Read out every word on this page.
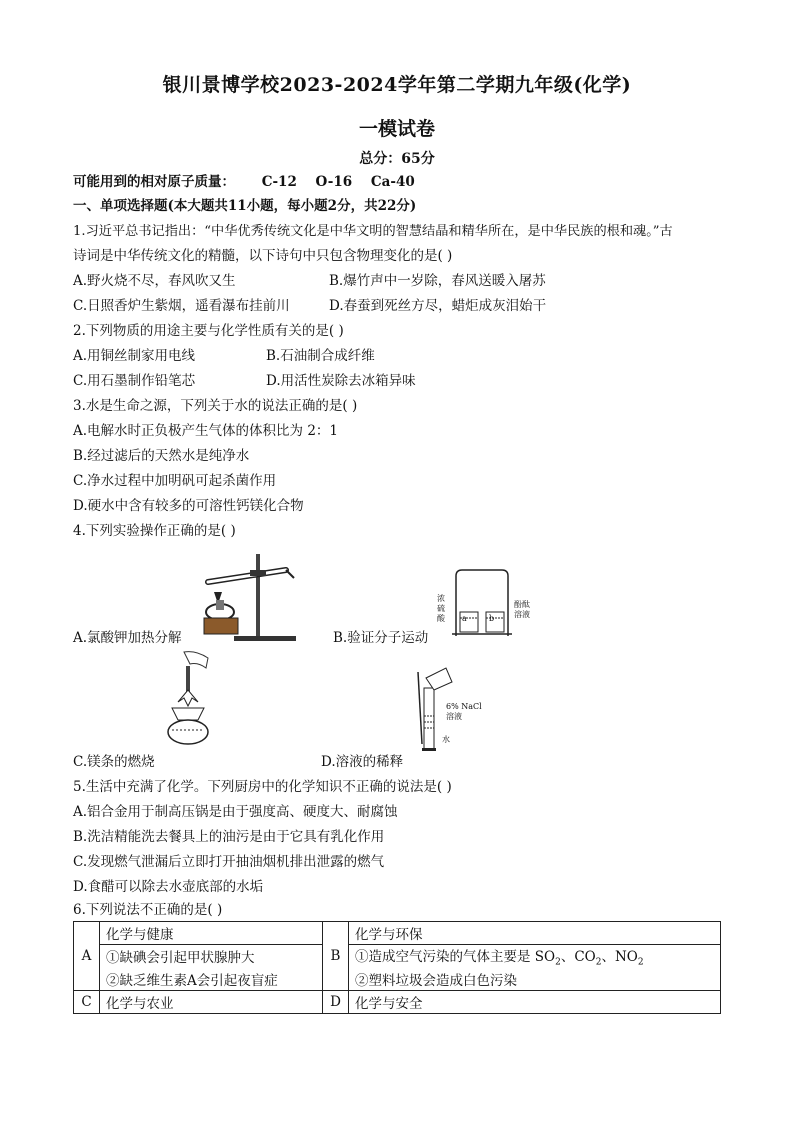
银川景博学校2023-2024学年第二学期九年级(化学)
一模试卷
总分：65分
可能用到的相对原子质量： C-12 O-16 Ca-40
一、单项选择题(本大题共11小题，每小题2分，共22分)
1.习近平总书记指出：“中华优秀传统文化是中华文明的智慧结晶和精华所在，是中华民族的根和魂。”古
诗词是中华传统文化的精髓，以下诗句中只包含物理变化的是( )
A.野火烧不尽，春风吹又生	B.爆竹声中一岁除，春风送暖入屠苏
C.日照香炉生紫烟，遥看瀑布挂前川	D.春蚕到死丝方尽，蜡炬成灰泪始干
2.下列物质的用途主要与化学性质有关的是( )
A.用铜丝制家用电线	B.石油制合成纤维
C.用石墨制作铅笔芯	D.用活性炭除去冰箱异味
3.水是生命之源，下列关于水的说法正确的是( )
A.电解水时正负极产生气体的体积比为 2：1
B.经过滤后的天然水是纯净水
C.净水过程中加明矾可起杀菌作用
D.硬水中含有较多的可溶性钙镁化合物
4.下列实验操作正确的是( )
A.氯酸钾加热分解
a	b
浓
硫
酸
酚酞
溶液
B.验证分子运动
C.镁条的燃烧
6% NaCl
溶液
水
D.溶液的稀释
5.生活中充满了化学。下列厨房中的化学知识不正确的说法是( )
A.铝合金用于制高压锅是由于强度高、硬度大、耐腐蚀
B.洗洁精能洗去餐具上的油污是由于它具有乳化作用
C.发现燃气泄漏后立即打开抽油烟机排出泄露的燃气
D.食醋可以除去水壶底部的水垢
6.下列说法不正确的是( )
A	化学与健康	B	化学与环保
	①缺碘会引起甲状腺肿大		①造成空气污染的气体主要是 $SO_2$、$CO_2$、$NO_2$
	②缺乏维生素A会引起夜盲症		②塑料垃圾会造成白色污染
C	化学与农业	D	化学与安全
